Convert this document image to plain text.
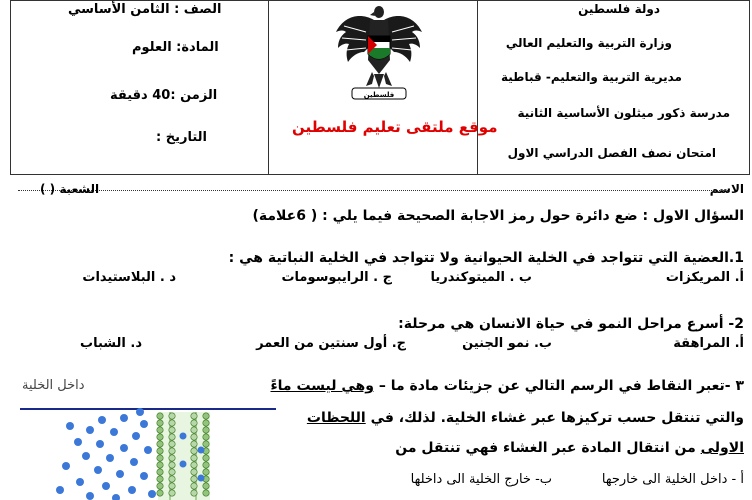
دولة فلسطين
وزارة التربية والتعليم العالي
مديرية التربية والتعليم- قباطية
مدرسة ذكور ميثلون الأساسية الثانية
امتحان نصف الفصل الدراسي الاول
فلسطين
موقع ملتقى تعليم فلسطين
الصف : الثامن الأساسي
المادة: العلوم
الزمن :40 دقيقة
التاريخ :
الاسم
الشعبة ( )
السؤال الاول : ضع دائرة حول رمز الاجابة الصحيحة فيما يلي : ( 6علامة)
1.العضية التي تتواجد في الخلية الحيوانية ولا تتواجد في الخلية النباتية هي :
أ. المريكزات
ب . الميتوكندريا
ج . الرايبوسومات
د . البلاستيدات
2- أسرع مراحل النمو في حياة الانسان هي مرحلة:
أ. المراهقة
ب. نمو الجنين
ج. أول سنتين من العمر
د. الشباب
٣ -تعبر النقاط في الرسم التالي عن جزيئات مادة ما – وهي ليست ماءً
داخل الخلية
والتي تنتقل حسب تركيزها عبر غشاء الخلية. لذلك، في اللحظات
الاولى من انتقال المادة عبر الغشاء فهي تنتقل من
أ - داخل الخلية الى خارجها
ب- خارج الخلية الى داخلها
